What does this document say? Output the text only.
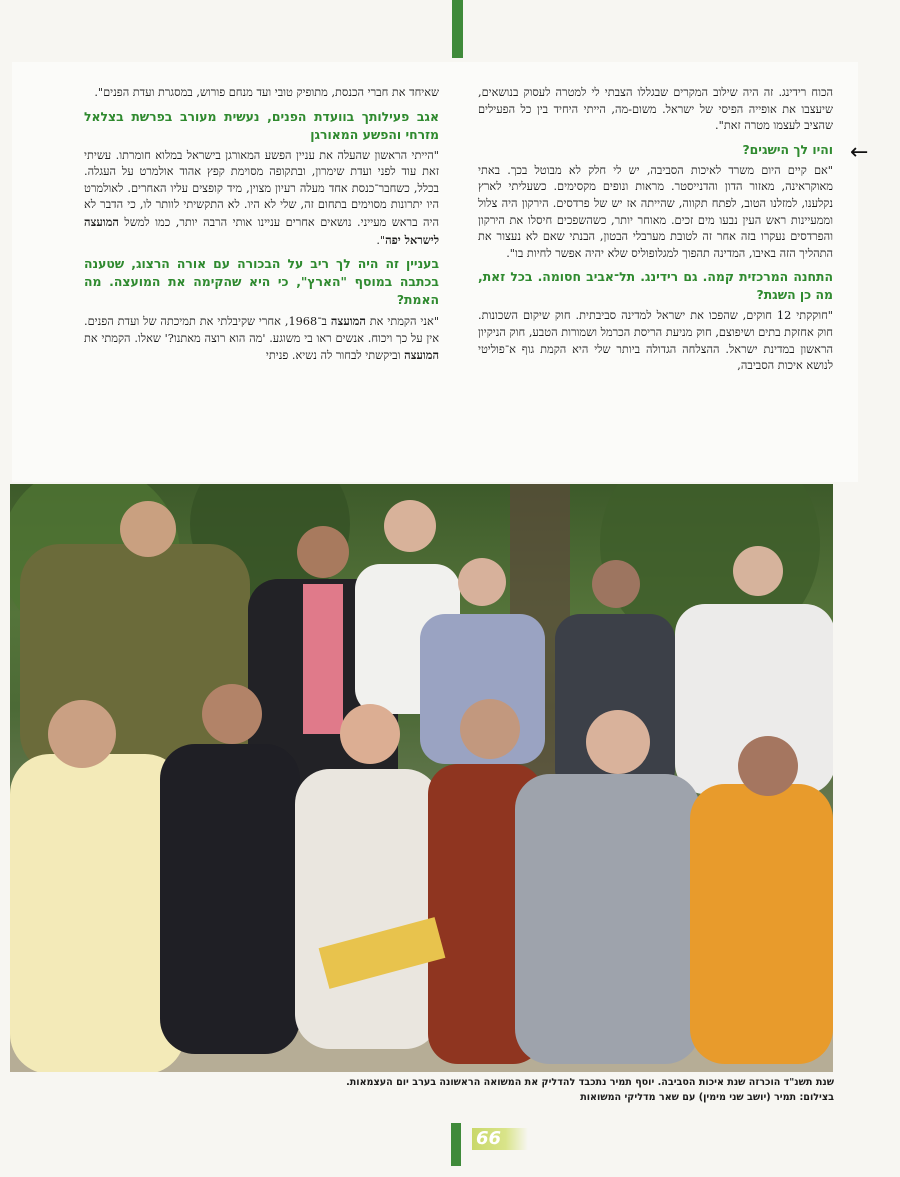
←

הכוח רידינג. זה היה שילוב המקרים שבגללו הצבתי לי למטרה לעסוק בנושאים, שיעצבו את אופייה הפיסי של ישראל. משום-מה, הייתי היחיד בין כל הפעילים שהציב לעצמו מטרה זאת".

והיו לך הישגים?

"אם קיים היום משרד לאיכות הסביבה, יש לי חלק לא מבוטל בכך. באתי מאוקראינה, מאזור הדון והדנייסטר. מראות ונופים מקסימים. כשעליתי לארץ נקלענו, למזלנו הטוב, לפתח תקווה, שהייתה אז יש של פרדסים. הירקון היה צלול וממעיינות ראש העין נבעו מים זכים. מאוחר יותר, כשהשפכים חיסלו את הירקון והפרדסים נעקרו בזה אחר זה לטובת מערבלי הבטון, הבנתי שאם לא נעצור את התהליך הזה באיבו, המדינה תהפוך למגלופוליס שלא יהיה אפשר לחיות בו".

התחנה המרכזית קמה. גם רידינג. תל־אביב חסומה. בכל זאת, מה כן השגת?

"חוקקתי 12 חוקים, שהפכו את ישראל למדינה סביבתית. חוק שיקום השכונות. חוק אחזקת בתים ושיפוצם, חוק מניעת הריסת הכרמל ושמורות הטבע, חוק הניקיון הראשון במדינת ישראל. ההצלחה הגדולה ביותר שלי היא הקמת גוף א־פוליטי לנושא איכות הסביבה,

שאיחד את חברי הכנסת, מתופיק טובי ועד מנחם פורוש, במסגרת ועדת הפנים".

אגב פעילותך בוועדת הפנים, נעשית מעורב בפרשת בצלאל מזרחי והפשע המאורגן

"הייתי הראשון שהעלה את עניין הפשע המאורגן בישראל במלוא חומרתו. עשיתי זאת עוד לפני ועדת שימרון, ובתקופה מסוימת קפץ אהוד אולמרט על העגלה. בכלל, כשחבר־כנסת אחד מעלה רעיון מצוין, מיד קופצים עליו האחרים. לאולמרט היו יתרונות מסוימים בתחום זה, שלי לא היו. לא התקשיתי לוותר לו, כי הדבר לא היה בראש מעייני. נושאים אחרים עניינו אותי הרבה יותר, כמו למשל המועצה לישראל יפה".

בעניין זה היה לך ריב על הבכורה עם אורה הרצוג, שטענה בכתבה במוסף "הארץ", כי היא שהקימה את המועצה. מה האמת?

"אני הקמתי את המועצה ב־1968, אחרי שקיבלתי את תמיכתה של ועדת הפנים. אין על כך ויכוח. אנשים ראו בי משוגע. 'מה הוא רוצה מאתנו?' שאלו. הקמתי את המועצה וביקשתי לבחור לה נשיא. פניתי

שנת תשנ"ד הוכרזה שנת איכות הסביבה. יוסף תמיר נתכבד להדליק את המשואה הראשונה בערב יום העצמאות.
בצילום: תמיר (יושב שני מימין) עם שאר מדליקי המשואות
66
